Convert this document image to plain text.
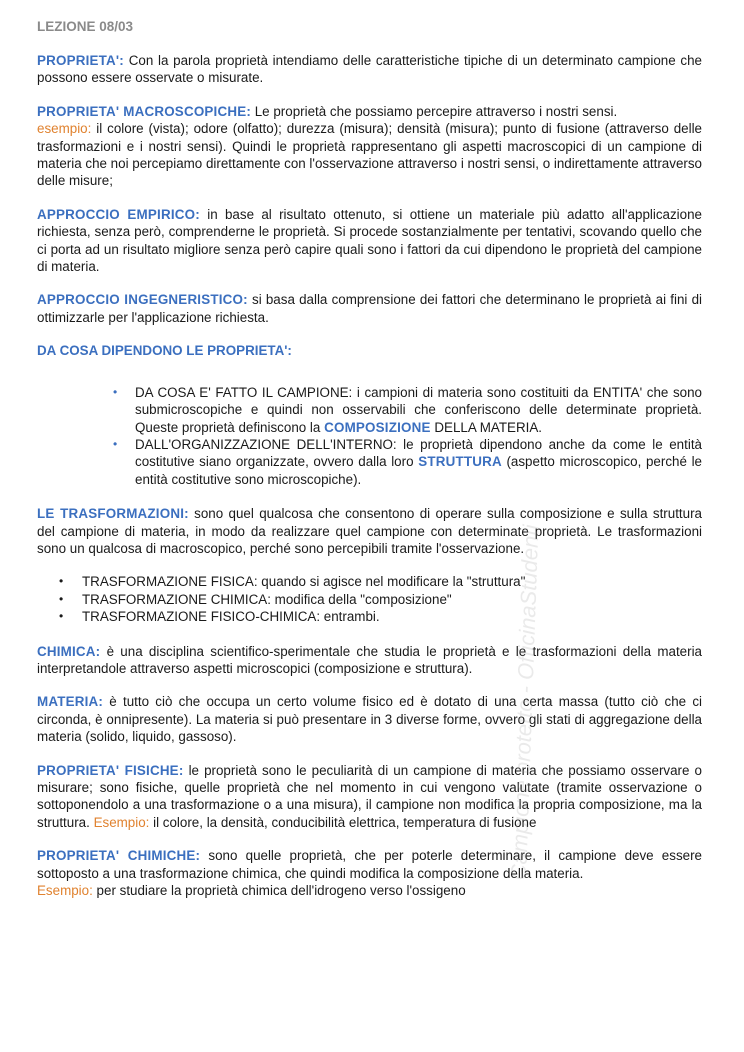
LEZIONE 08/03

PROPRIETA': Con la parola proprietà intendiamo delle caratteristiche tipiche di un determinato campione che possono essere osservate o misurate.

PROPRIETA' MACROSCOPICHE: Le proprietà che possiamo percepire attraverso i nostri sensi.
esempio: il colore (vista); odore (olfatto); durezza (misura); densità (misura); punto di fusione (attraverso delle trasformazioni e i nostri sensi). Quindi le proprietà rappresentano gli aspetti macroscopici di un campione di materia che noi percepiamo direttamente con l'osservazione attraverso i nostri sensi, o indirettamente attraverso delle misure;

APPROCCIO EMPIRICO: in base al risultato ottenuto, si ottiene un materiale più adatto all'applicazione richiesta, senza però, comprenderne le proprietà. Si procede sostanzialmente per tentativi, scovando quello che ci porta ad un risultato migliore senza però capire quali sono i fattori da cui dipendono le proprietà del campione di materia.

APPROCCIO INGEGNERISTICO: si basa dalla comprensione dei fattori che determinano le proprietà ai fini di ottimizzarle per l'applicazione richiesta.

DA COSA DIPENDONO LE PROPRIETA':

• DA COSA E' FATTO IL CAMPIONE: i campioni di materia sono costituiti da ENTITA' che sono submicroscopiche e quindi non osservabili che conferiscono delle determinate proprietà. Queste proprietà definiscono la COMPOSIZIONE DELLA MATERIA.
• DALL'ORGANIZZAZIONE DELL'INTERNO: le proprietà dipendono anche da come le entità costitutive siano organizzate, ovvero dalla loro STRUTTURA (aspetto microscopico, perché le entità costitutive sono microscopiche).

LE TRASFORMAZIONI: sono quel qualcosa che consentono di operare sulla composizione e sulla struttura del campione di materia, in modo da realizzare quel campione con determinate proprietà. Le trasformazioni sono un qualcosa di macroscopico, perché sono percepibili tramite l'osservazione.

• TRASFORMAZIONE FISICA: quando si agisce nel modificare la "struttura"
• TRASFORMAZIONE CHIMICA: modifica della "composizione"
• TRASFORMAZIONE FISICO-CHIMICA: entrambi.

CHIMICA: è una disciplina scientifico-sperimentale che studia le proprietà e le trasformazioni della materia interpretandole attraverso aspetti microscopici (composizione e struttura).

MATERIA: è tutto ciò che occupa un certo volume fisico ed è dotato di una certa massa (tutto ciò che ci circonda, è onnipresente). La materia si può presentare in 3 diverse forme, ovvero gli stati di aggregazione della materia (solido, liquido, gassoso).

PROPRIETA' FISICHE: le proprietà sono le peculiarità di un campione di materia che possiamo osservare o misurare; sono fisiche, quelle proprietà che nel momento in cui vengono valutate (tramite osservazione o sottoponendolo a una trasformazione o a una misura), il campione non modifica la propria composizione, ma la struttura. Esempio: il colore, la densità, conducibilità elettrica, temperatura di fusione

PROPRIETA' CHIMICHE: sono quelle proprietà, che per poterle determinare, il campione deve essere sottoposto a una trasformazione chimica, che quindi modifica la composizione della materia.
Esempio: per studiare la proprietà chimica dell'idrogeno verso l'ossigeno

Campione protetto - OfficinaStudenti
